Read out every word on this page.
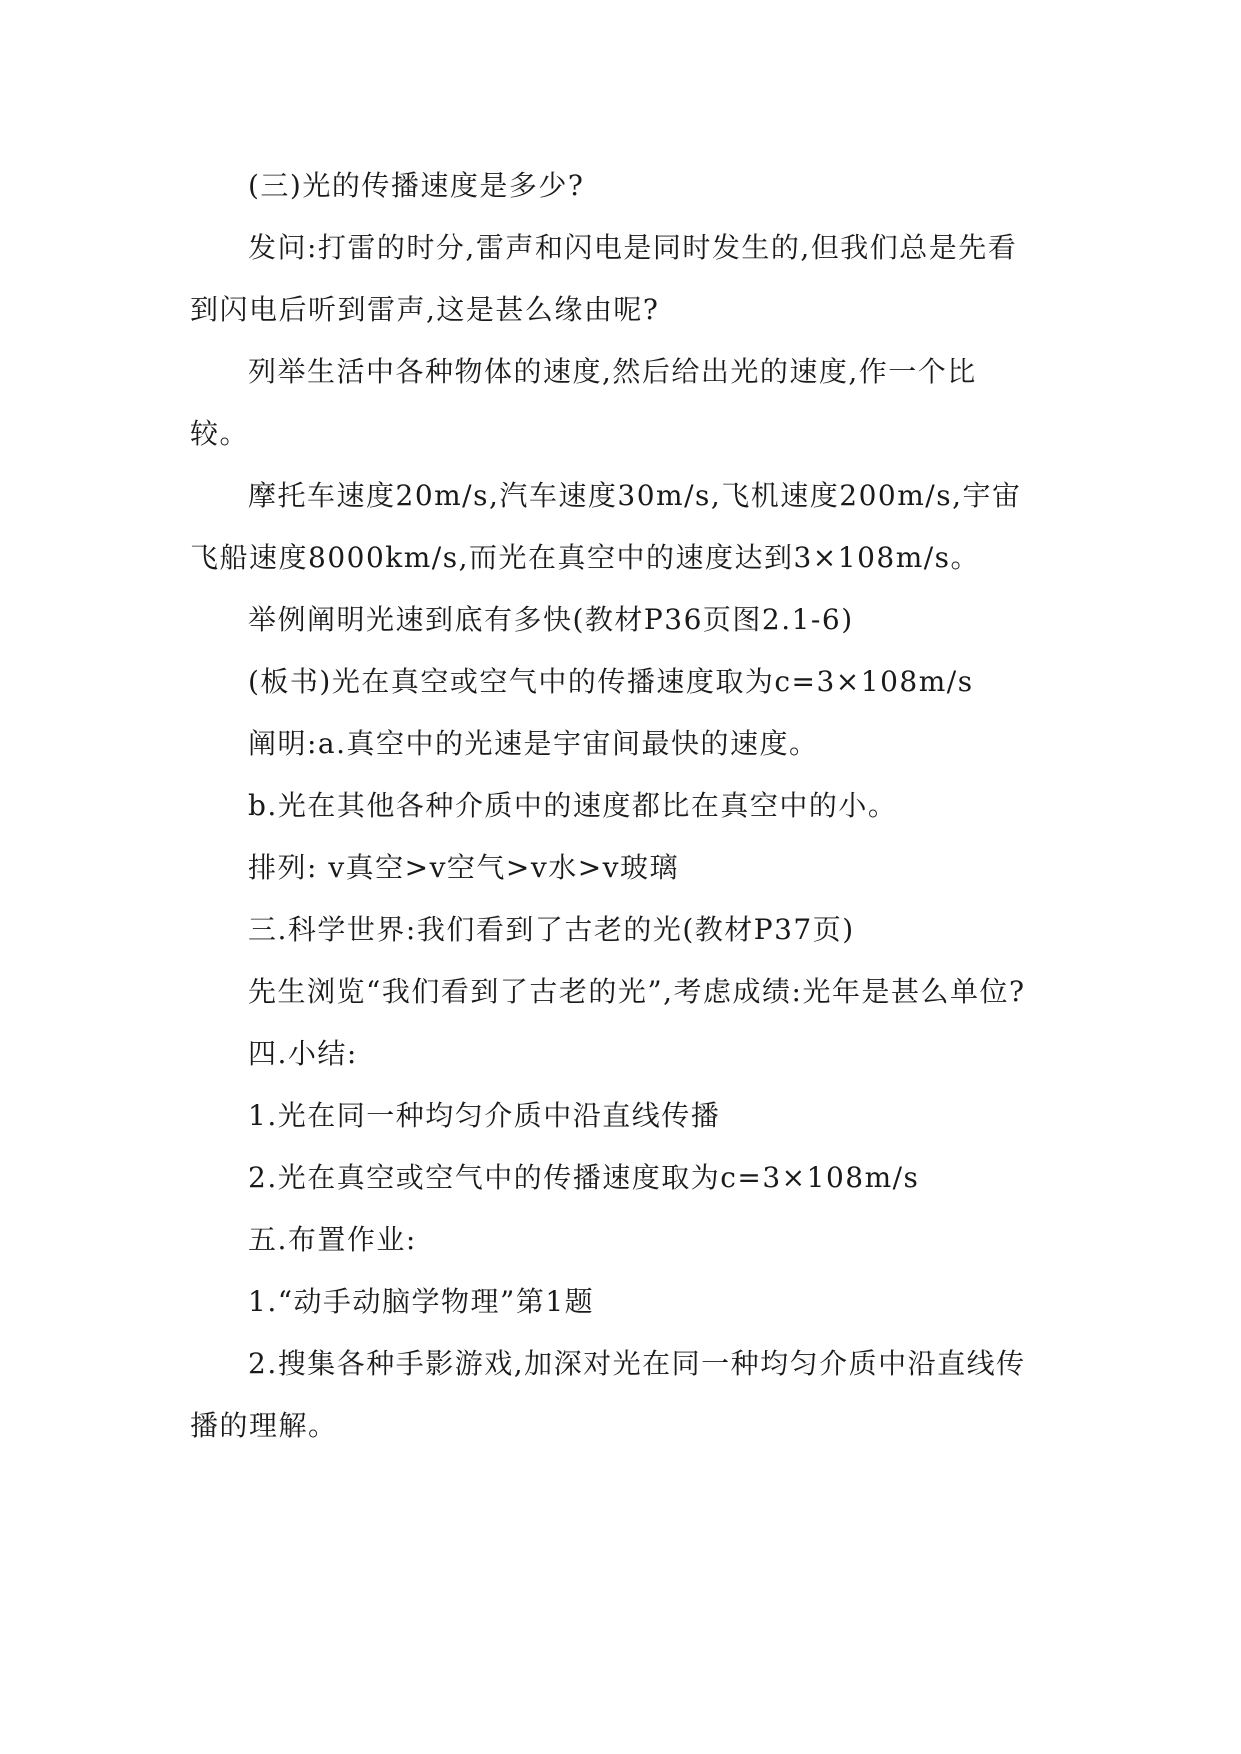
(三)光的传播速度是多少?

发问:打雷的时分,雷声和闪电是同时发生的,但我们总是先看到闪电后听到雷声,这是甚么缘由呢?

列举生活中各种物体的速度,然后给出光的速度,作一个比较。

摩托车速度20m/s,汽车速度30m/s,飞机速度200m/s,宇宙飞船速度8000km/s,而光在真空中的速度达到3×108m/s。

举例阐明光速到底有多快(教材P36页图2.1-6)

(板书)光在真空或空气中的传播速度取为c=3×108m/s

阐明:a.真空中的光速是宇宙间最快的速度。

b.光在其他各种介质中的速度都比在真空中的小。

排列: v真空>v空气>v水>v玻璃

三.科学世界:我们看到了古老的光(教材P37页)

先生浏览“我们看到了古老的光”,考虑成绩:光年是甚么单位?

四.小结:

1.光在同一种均匀介质中沿直线传播

2.光在真空或空气中的传播速度取为c=3×108m/s

五.布置作业:

1.“动手动脑学物理”第1题

2.搜集各种手影游戏,加深对光在同一种均匀介质中沿直线传播的理解。
